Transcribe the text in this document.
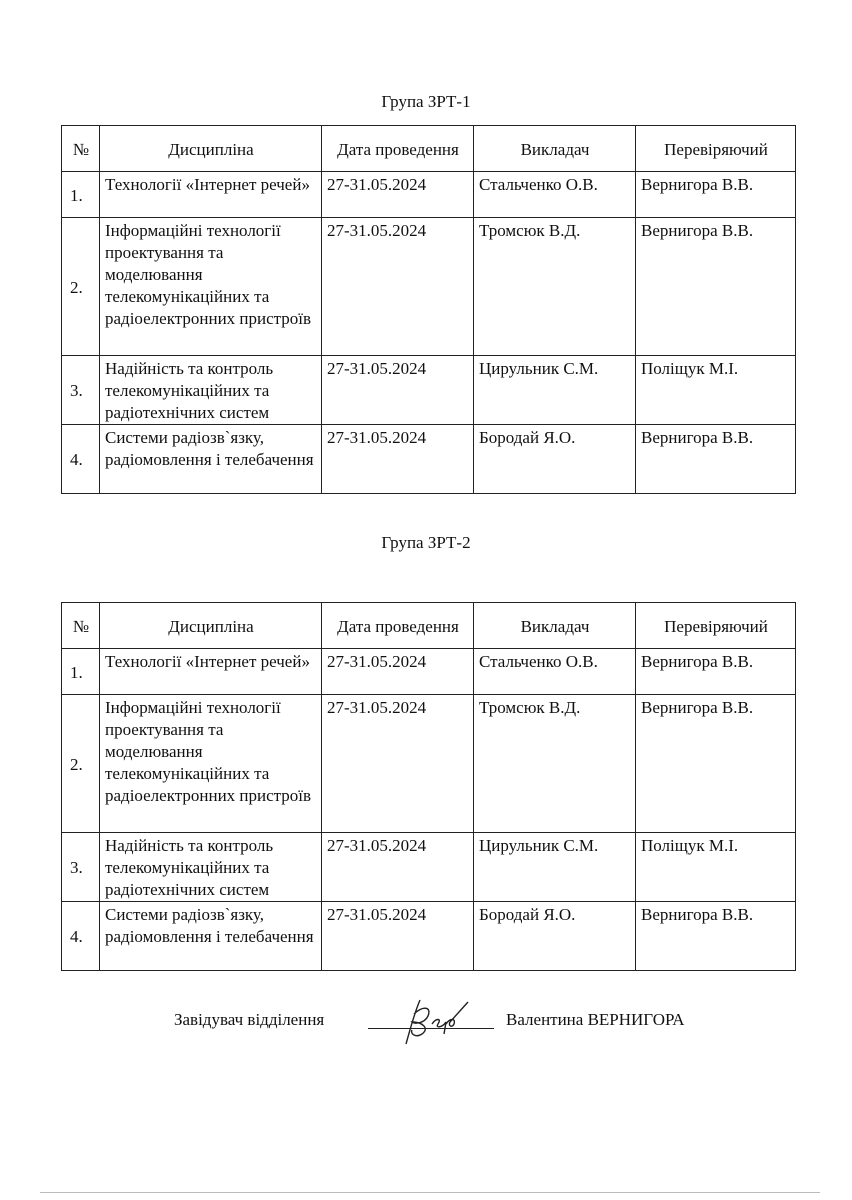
Група ЗРТ-1
№	Дисципліна	Дата проведення	Викладач	Перевіряючий
1.	Технології «Інтернет речей»	27-31.05.2024	Стальченко О.В.	Вернигора В.В.
2.	Інформаційні технології проектування та моделювання телекомунікаційних та радіоелектронних пристроїв	27-31.05.2024	Тромсюк В.Д.	Вернигора В.В.
3.	Надійність та контроль телекомунікаційних та радіотехнічних систем	27-31.05.2024	Цирульник С.М.	Поліщук М.І.
4.	Системи радіозв`язку, радіомовлення і телебачення	27-31.05.2024	Бородай Я.О.	Вернигора В.В.
Група ЗРТ-2
№	Дисципліна	Дата проведення	Викладач	Перевіряючий
1.	Технології «Інтернет речей»	27-31.05.2024	Стальченко О.В.	Вернигора В.В.
2.	Інформаційні технології проектування та моделювання телекомунікаційних та радіоелектронних пристроїв	27-31.05.2024	Тромсюк В.Д.	Вернигора В.В.
3.	Надійність та контроль телекомунікаційних та радіотехнічних систем	27-31.05.2024	Цирульник С.М.	Поліщук М.І.
4.	Системи радіозв`язку, радіомовлення і телебачення	27-31.05.2024	Бородай Я.О.	Вернигора В.В.
Завідувач відділення	Валентина ВЕРНИГОРА
